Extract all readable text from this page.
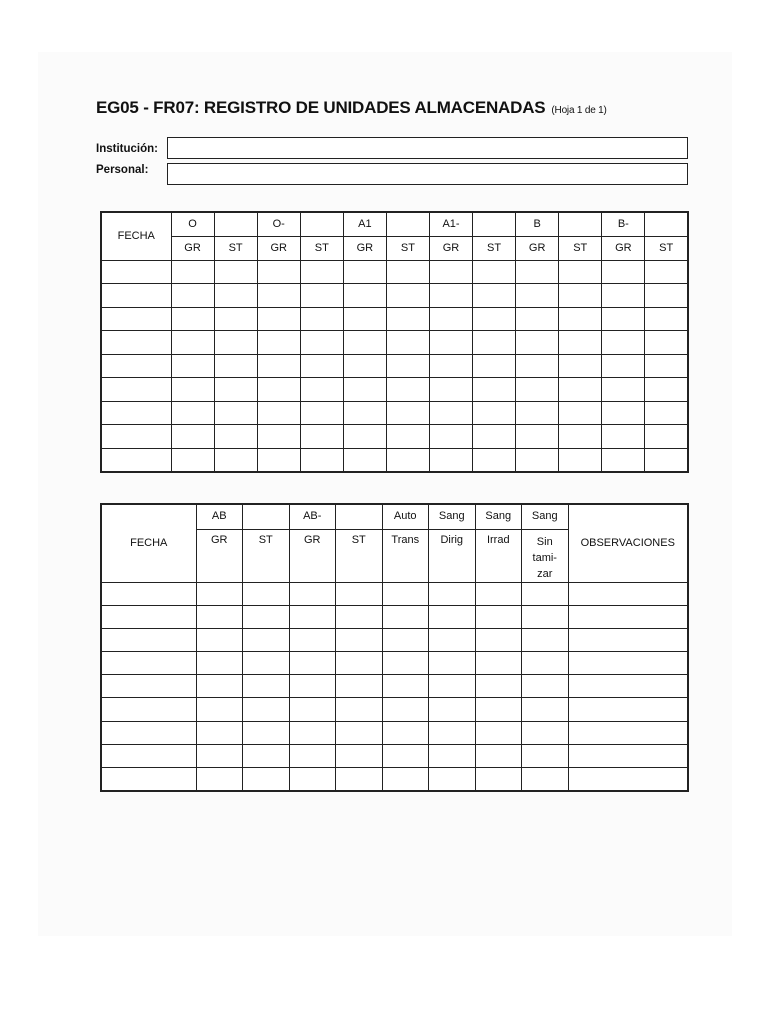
EG05 - FR07: REGISTRO DE UNIDADES ALMACENADAS (Hoja 1 de 1)
Institución:
Personal:
FECHA	O		O-		A1		A1-		B		B-	
	GR	ST	GR	ST	GR	ST	GR	ST	GR	ST	GR	ST

FECHA	AB		AB-		Auto	Sang	Sang	Sang	OBSERVACIONES
	GR	ST	GR	ST	Trans	Dirig	Irrad	Sin
tami-
zar	
